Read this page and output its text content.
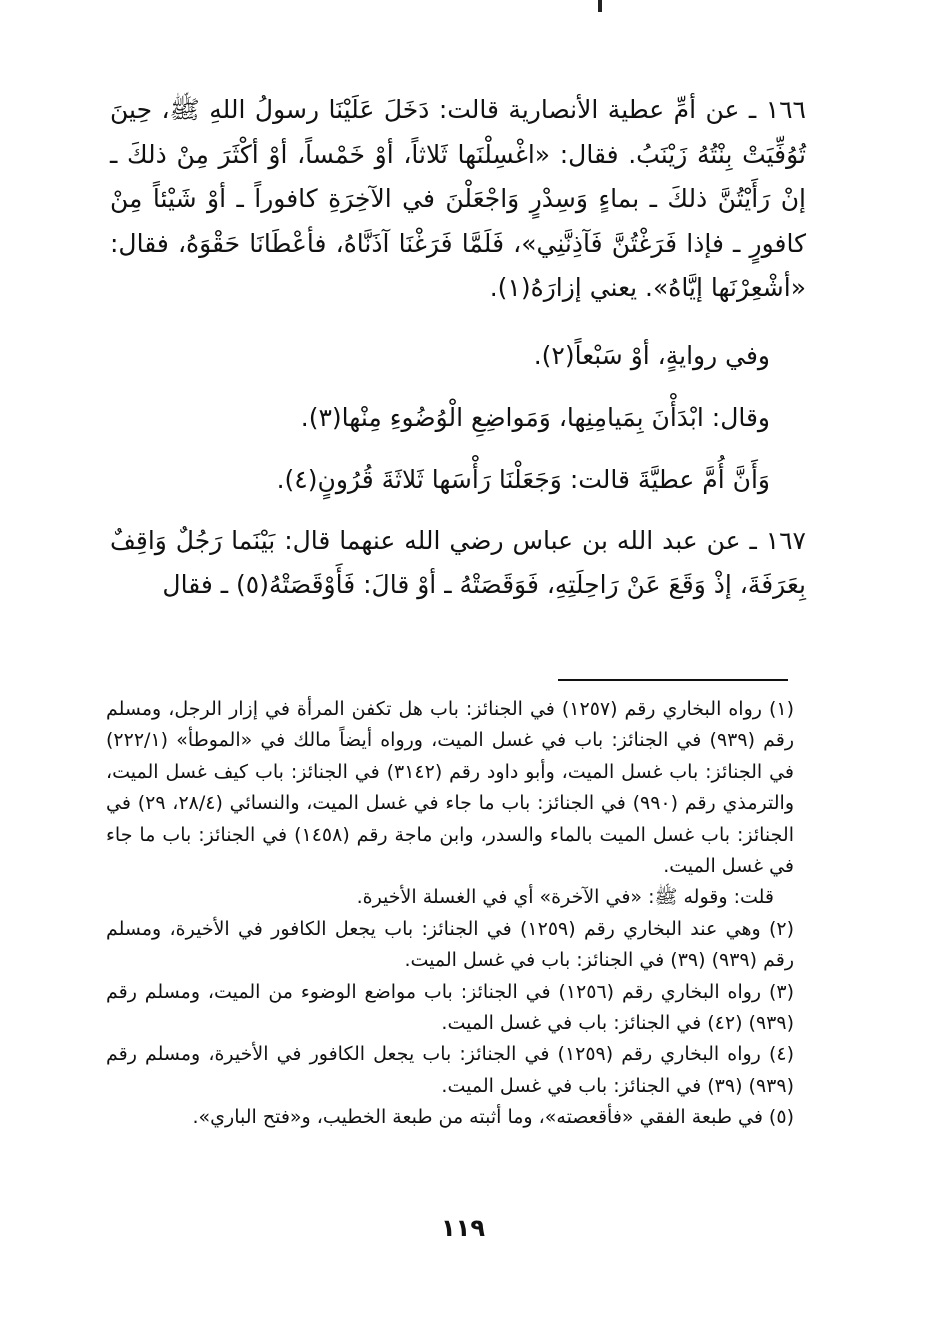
١٦٦ ـ عن أمِّ عطية الأنصارية قالت: دَخَلَ عَلَيْنَا رسولُ اللهِ ﷺ، حِينَ تُوُفِّيَتْ بِنْتُهُ زَيْنَبُ. فقال: «اغْسِلْنَها ثَلاثاً، أوْ خَمْساً، أوْ أكْثَرَ مِنْ ذلكَ ـ إنْ رَأَيْتُنَّ ذلكَ ـ بماءٍ وَسِدْرٍ وَاجْعَلْنَ في الآخِرَةِ كافوراً ـ أوْ شَيْئاً مِنْ كافورٍ ـ فإذا فَرَغْتُنَّ فَآذِنَّنِي»، فَلَمَّا فَرَغْنَا آذَنَّاهُ، فأعْطَانَا حَقْوَهُ، فقال: «أشْعِرْنَها إيَّاهُ». يعني إزارَهُ(١).

وفي روايةٍ، أوْ سَبْعاً(٢).

وقال: ابْدَأْنَ بِمَيامِنِها، وَمَواضِعِ الْوُضُوءِ مِنْها(٣).

وَأَنَّ أُمَّ عطيَّةَ قالت: وَجَعَلْنَا رَأْسَها ثَلاثَةَ قُرُونٍ(٤).

١٦٧ ـ عن عبد الله بن عباس رضي الله عنهما قال: بَيْنَما رَجُلٌ وَاقِفٌ بِعَرَفَةَ، إذْ وَقَعَ عَنْ رَاحِلَتِهِ، فَوَقَصَتْهُ ـ أوْ قالَ: فَأَوْقَصَتْهُ(٥) ـ فقال

(١) رواه البخاري رقم (١٢٥٧) في الجنائز: باب هل تكفن المرأة في إزار الرجل، ومسلم رقم (٩٣٩) في الجنائز: باب في غسل الميت، ورواه أيضاً مالك في «الموطأ» (٢٢٢/١) في الجنائز: باب غسل الميت، وأبو داود رقم (٣١٤٢) في الجنائز: باب كيف غسل الميت، والترمذي رقم (٩٩٠) في الجنائز: باب ما جاء في غسل الميت، والنسائي (٢٨/٤، ٢٩) في الجنائز: باب غسل الميت بالماء والسدر، وابن ماجة رقم (١٤٥٨) في الجنائز: باب ما جاء في غسل الميت.

قلت: وقوله ﷺ: «في الآخرة» أي في الغسلة الأخيرة.

(٢) وهي عند البخاري رقم (١٢٥٩) في الجنائز: باب يجعل الكافور في الأخيرة، ومسلم رقم (٩٣٩) (٣٩) في الجنائز: باب في غسل الميت.

(٣) رواه البخاري رقم (١٢٥٦) في الجنائز: باب مواضع الوضوء من الميت، ومسلم رقم (٩٣٩) (٤٢) في الجنائز: باب في غسل الميت.

(٤) رواه البخاري رقم (١٢٥٩) في الجنائز: باب يجعل الكافور في الأخيرة، ومسلم رقم (٩٣٩) (٣٩) في الجنائز: باب في غسل الميت.

(٥) في طبعة الفقي «فأقعصته»، وما أثبته من طبعة الخطيب، و«فتح الباري».

١١٩
